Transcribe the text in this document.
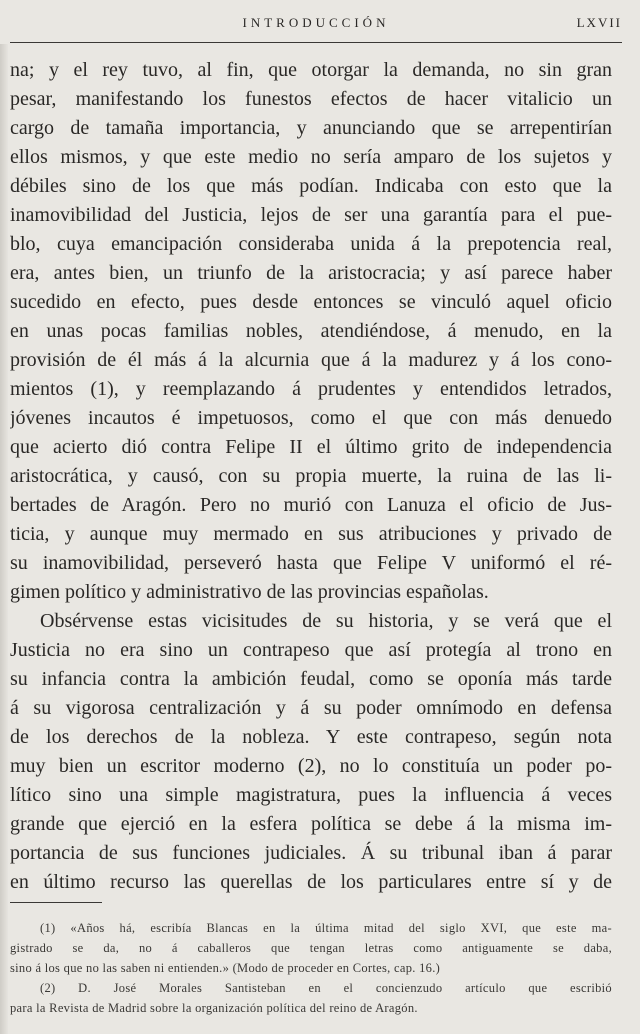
INTRODUCCIÓN	LXVII
na; y el rey tuvo, al fin, que otorgar la demanda, no sin gran
pesar, manifestando los funestos efectos de hacer vitalicio un
cargo de tamaña importancia, y anunciando que se arrepentirían
ellos mismos, y que este medio no sería amparo de los sujetos y
débiles sino de los que más podían. Indicaba con esto que la
inamovibilidad del Justicia, lejos de ser una garantía para el pue-
blo, cuya emancipación consideraba unida á la prepotencia real,
era, antes bien, un triunfo de la aristocracia; y así parece haber
sucedido en efecto, pues desde entonces se vinculó aquel oficio
en unas pocas familias nobles, atendiéndose, á menudo, en la
provisión de él más á la alcurnia que á la madurez y á los cono-
mientos (1), y reemplazando á prudentes y entendidos letrados,
jóvenes incautos é impetuosos, como el que con más denuedo
que acierto dió contra Felipe II el último grito de independencia
aristocrática, y causó, con su propia muerte, la ruina de las li-
bertades de Aragón. Pero no murió con Lanuza el oficio de Jus-
ticia, y aunque muy mermado en sus atribuciones y privado de
su inamovibilidad, perseveró hasta que Felipe V uniformó el ré-
gimen político y administrativo de las provincias españolas.
Obsérvense estas vicisitudes de su historia, y se verá que el
Justicia no era sino un contrapeso que así protegía al trono en
su infancia contra la ambición feudal, como se oponía más tarde
á su vigorosa centralización y á su poder omnímodo en defensa
de los derechos de la nobleza. Y este contrapeso, según nota
muy bien un escritor moderno (2), no lo constituía un poder po-
lítico sino una simple magistratura, pues la influencia á veces
grande que ejerció en la esfera política se debe á la misma im-
portancia de sus funciones judiciales. Á su tribunal iban á parar
en último recurso las querellas de los particulares entre sí y de
(1) «Años há, escribía Blancas en la última mitad del siglo XVI, que este ma-
gistrado se da, no á caballeros que tengan letras como antiguamente se daba,
sino á los que no las saben ni entienden.» (Modo de proceder en Cortes, cap. 16.)
(2) D. José Morales Santisteban en el concienzudo artículo que escribió
para la Revista de Madrid sobre la organización política del reino de Aragón.
